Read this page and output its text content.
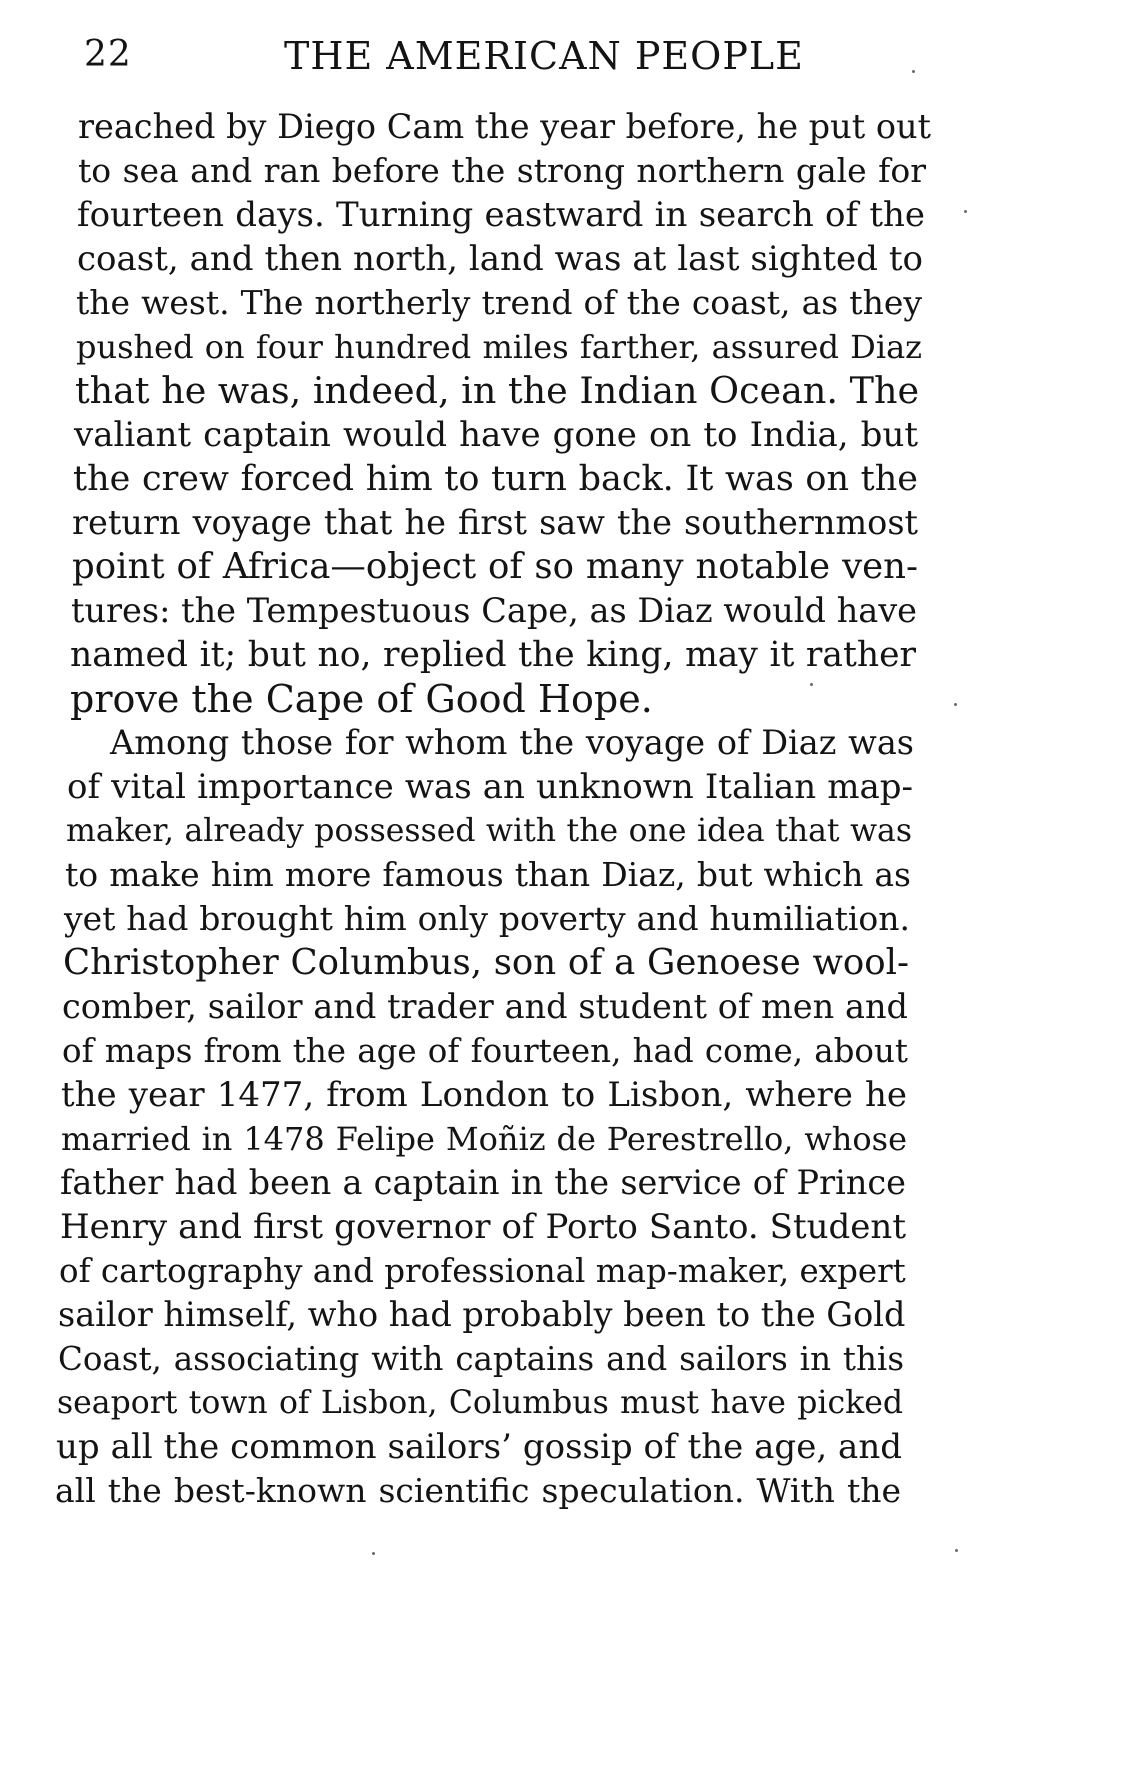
22	THE AMERICAN PEOPLE
reached by Diego Cam the year before, he put out
to sea and ran before the strong northern gale for
fourteen days. Turning eastward in search of the
coast, and then north, land was at last sighted to
the west. The northerly trend of the coast, as they
pushed on four hundred miles farther, assured Diaz
that he was, indeed, in the Indian Ocean. The
valiant captain would have gone on to India, but
the crew forced him to turn back. It was on the
return voyage that he first saw the southernmost
point of Africa—object of so many notable ven-
tures: the Tempestuous Cape, as Diaz would have
named it; but no, replied the king, may it rather
prove the Cape of Good Hope.
Among those for whom the voyage of Diaz was
of vital importance was an unknown Italian map-
maker, already possessed with the one idea that was
to make him more famous than Diaz, but which as
yet had brought him only poverty and humiliation.
Christopher Columbus, son of a Genoese wool-
comber, sailor and trader and student of men and
of maps from the age of fourteen, had come, about
the year 1477, from London to Lisbon, where he
married in 1478 Felipe Moñiz de Perestrello, whose
father had been a captain in the service of Prince
Henry and first governor of Porto Santo. Student
of cartography and professional map-maker, expert
sailor himself, who had probably been to the Gold
Coast, associating with captains and sailors in this
seaport town of Lisbon, Columbus must have picked
up all the common sailors’ gossip of the age, and
all the best-known scientific speculation. With the
